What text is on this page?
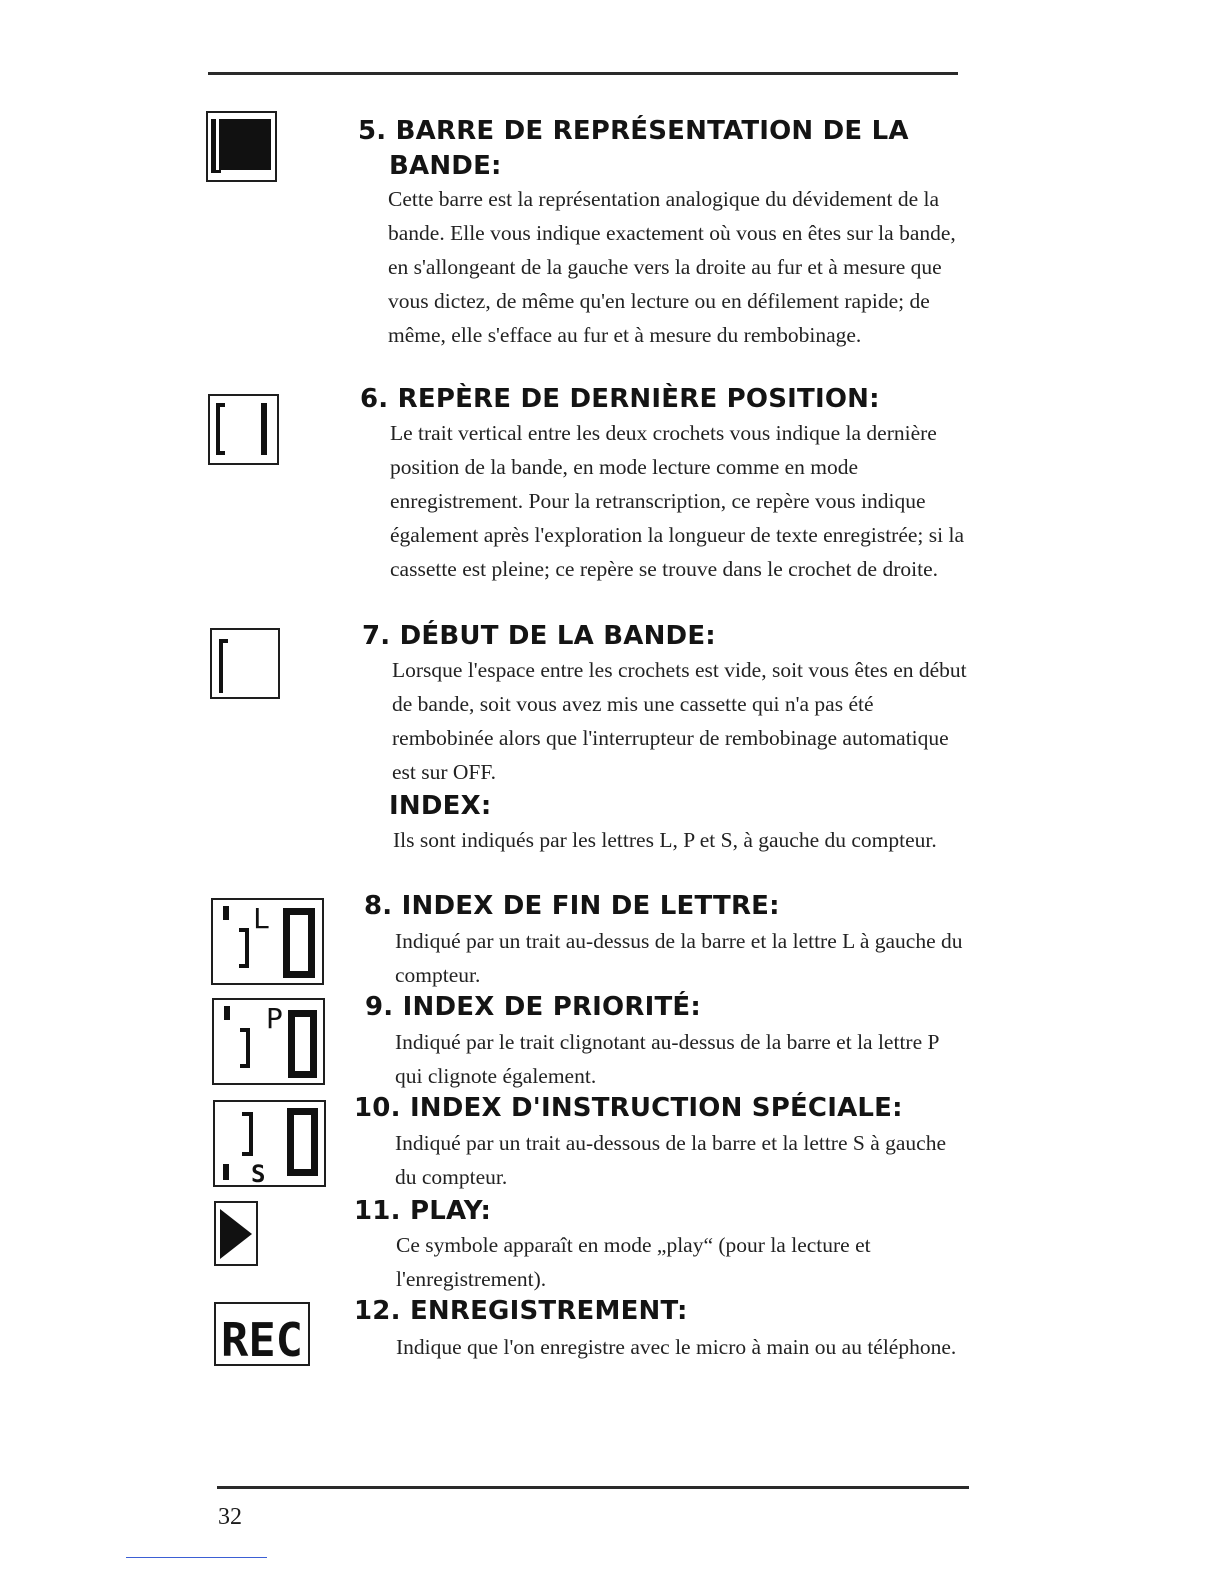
5. BARRE DE REPRÉSENTATION DE LA
BANDE:

Cette barre est la représentation analogique du dévidement de la bande. Elle vous indique exactement où vous en êtes sur la bande, en s'allongeant de la gauche vers la droite au fur et à mesure que vous dictez, de même qu'en lecture ou en défilement rapide; de même, elle s'efface au fur et à mesure du rembobinage.

6. REPÈRE DE DERNIÈRE POSITION:

Le trait vertical entre les deux crochets vous indique la dernière position de la bande, en mode lecture comme en mode enregistrement. Pour la retranscription, ce repère vous indique également après l'exploration la longueur de texte enregistrée; si la cassette est pleine; ce repère se trouve dans le crochet de droite.

7. DÉBUT DE LA BANDE:

Lorsque l'espace entre les crochets est vide, soit vous êtes en début de bande, soit vous avez mis une cassette qui n'a pas été rembobinée alors que l'interrupteur de rembobinage automatique est sur OFF.

INDEX:

Ils sont indiqués par les lettres L, P et S, à gauche du compteur.

L	8. INDEX DE FIN DE LETTRE:

Indiqué par un trait au-dessus de la barre et la lettre L à gauche du compteur.

P	9. INDEX DE PRIORITÉ:

Indiqué par le trait clignotant au-dessus de la barre et la lettre P qui clignote également.

S
10. INDEX D'INSTRUCTION SPÉCIALE:

Indiqué par un trait au-dessous de la barre et la lettre S à gauche du compteur.

11. PLAY:

Ce symbole apparaît en mode „play“ (pour la lecture et l'enregistrement).

REC
12. ENREGISTREMENT:

Indique que l'on enregistre avec le micro à main ou au téléphone.

32
